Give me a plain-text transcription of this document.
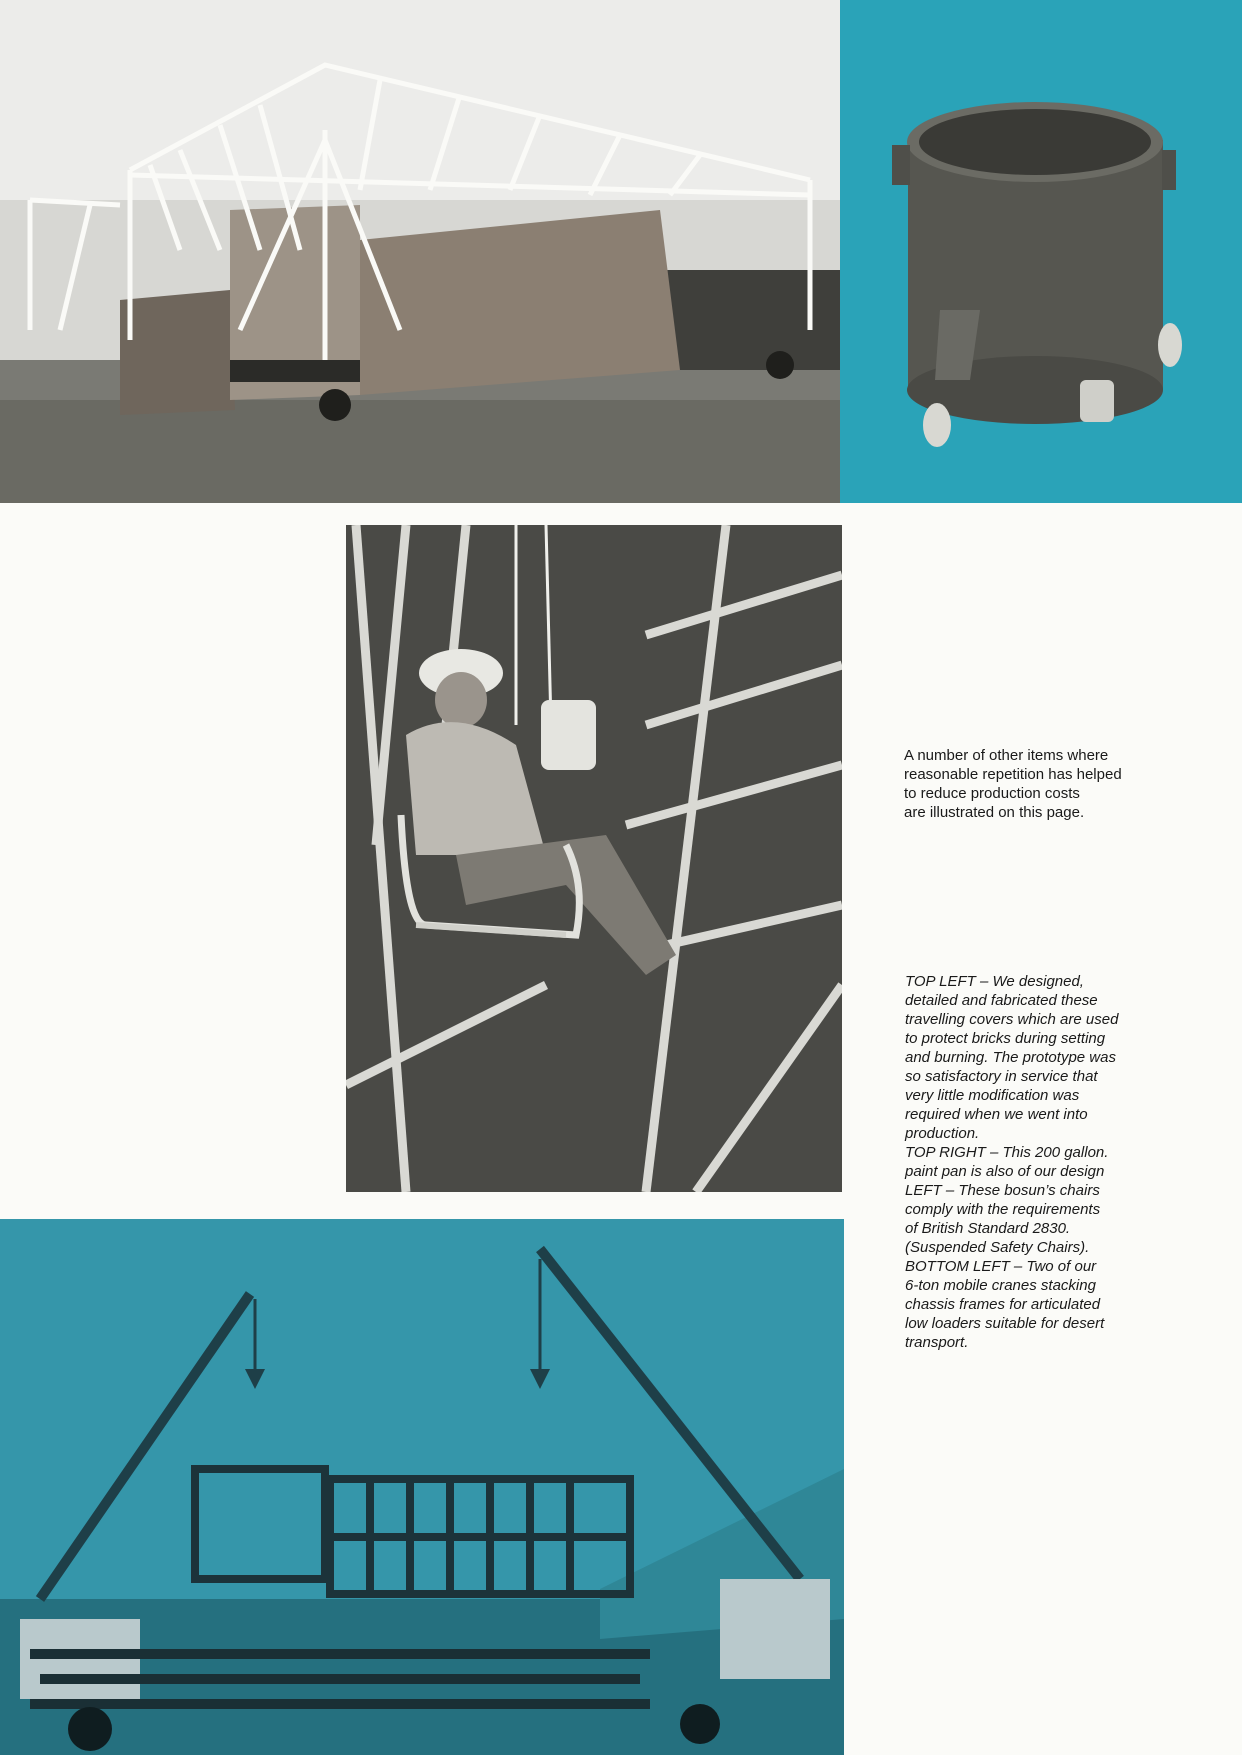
A number of other items where
reasonable repetition has helped
to reduce production costs
are illustrated on this page.
TOP LEFT – We designed,
detailed and fabricated these
travelling covers which are used
to protect bricks during setting
and burning. The prototype was
so satisfactory in service that
very little modification was
required when we went into
production.
TOP RIGHT – This 200 gallon.
paint pan is also of our design
LEFT – These bosun’s chairs
comply with the requirements
of British Standard 2830.
(Suspended Safety Chairs).
BOTTOM LEFT – Two of our
6-ton mobile cranes stacking
chassis frames for articulated
low loaders suitable for desert
transport.
